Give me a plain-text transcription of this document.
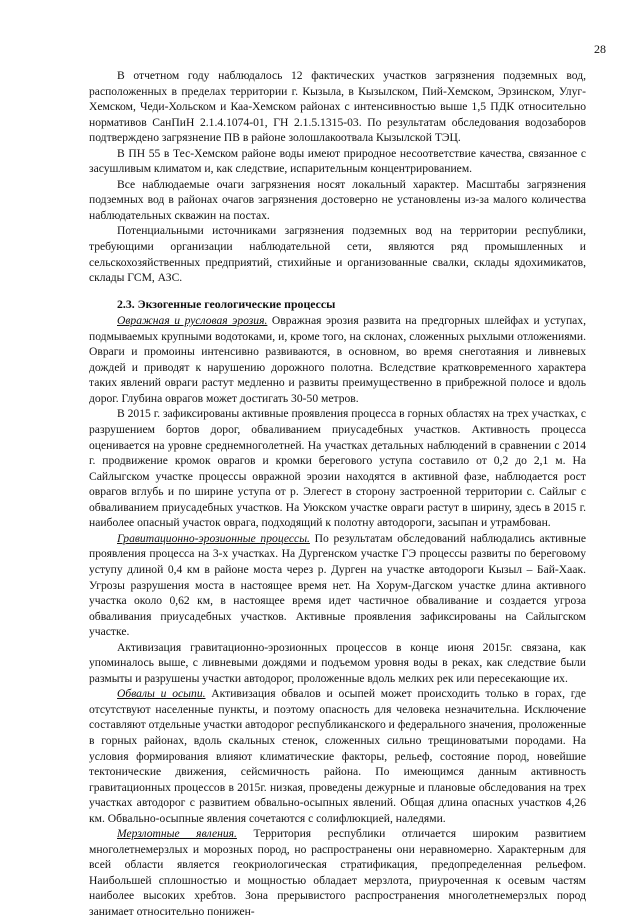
28

В отчетном году наблюдалось 12 фактических участков загрязнения подземных вод, расположенных в пределах территории г. Кызыла, в Кызылском, Пий-Хемском, Эрзинском, Улуг-Хемском, Чеди-Хольском и Каа-Хемском районах с интенсивностью выше 1,5 ПДК относительно нормативов СанПиН 2.1.4.1074-01, ГН 2.1.5.1315-03. По результатам обследования водозаборов подтверждено загрязнение ПВ в районе золошлакоотвала Кызылской ТЭЦ.

В ПН 55 в Тес-Хемском районе воды имеют природное несоответствие качества, связанное с засушливым климатом и, как следствие, испарительным концентрированием.

Все наблюдаемые очаги загрязнения носят локальный характер. Масштабы загрязнения подземных вод в районах очагов загрязнения достоверно не установлены из-за малого количества наблюдательных скважин на постах.

Потенциальными источниками загрязнения подземных вод на территории республики, требующими организации наблюдательной сети, являются ряд промышленных и сельскохозяйственных предприятий, стихийные и организованные свалки, склады ядохимикатов, склады ГСМ, АЗС.

2.3. Экзогенные геологические процессы

Овражная и русловая эрозия. Овражная эрозия развита на предгорных шлейфах и уступах, подмываемых крупными водотоками, и, кроме того, на склонах, сложенных рыхлыми отложениями. Овраги и промоины интенсивно развиваются, в основном, во время снеготаяния и ливневых дождей и приводят к нарушению дорожного полотна. Вследствие кратковременного характера таких явлений овраги растут медленно и развиты преимущественно в прибрежной полосе и вдоль дорог. Глубина оврагов может достигать 30-50 метров.

В 2015 г. зафиксированы активные проявления процесса в горных областях на трех участках, с разрушением бортов дорог, обваливанием приусадебных участков. Активность процесса оценивается на уровне среднемноголетней. На участках детальных наблюдений в сравнении с 2014 г. продвижение кромок оврагов и кромки берегового уступа составило от 0,2 до 2,1 м. На Сайлыгском участке процессы овражной эрозии находятся в активной фазе, наблюдается рост оврагов вглубь и по ширине уступа от р. Элегест в сторону застроенной территории с. Сайлыг с обваливанием приусадебных участков. На Уюкском участке овраги растут в ширину, здесь в 2015 г. наиболее опасный участок оврага, подходящий к полотну автодороги, засыпан и утрамбован.

Гравитационно-эрозионные процессы. По результатам обследований наблюдались активные проявления процесса на 3-х участках. На Дургенском участке ГЭ процессы развиты по береговому уступу длиной 0,4 км в районе моста через р. Дурген на участке автодороги Кызыл – Бай-Хаак. Угрозы разрушения моста в настоящее время нет. На Хорум-Дагском участке длина активного участка около 0,62 км, в настоящее время идет частичное обваливание и создается угроза обваливания приусадебных участков. Активные проявления зафиксированы на Сайлыгском участке.

Активизация гравитационно-эрозионных процессов в конце июня 2015г. связана, как упоминалось выше, с ливневыми дождями и подъемом уровня воды в реках, как следствие были размыты и разрушены участки автодорог, проложенные вдоль мелких рек или пересекающие их.

Обвалы и осыпи. Активизация обвалов и осыпей может происходить только в горах, где отсутствуют населенные пункты, и поэтому опасность для человека незначительна. Исключение составляют отдельные участки автодорог республиканского и федерального значения, проложенные в горных районах, вдоль скальных стенок, сложенных сильно трещиноватыми породами. На условия формирования влияют климатические факторы, рельеф, состояние пород, новейшие тектонические движения, сейсмичность района. По имеющимся данным активность гравитационных процессов в 2015г. низкая, проведены дежурные и плановые обследования на трех участках автодорог с развитием обвально-осыпных явлений. Общая длина опасных участков 4,26 км. Обвально-осыпные явления сочетаются с солифлюкцией, наледями.

Мерзлотные явления. Территория республики отличается широким развитием многолетнемерзлых и морозных пород, но распространены они неравномерно. Характерным для всей области является геокриологическая стратификация, предопределенная рельефом. Наибольшей сплошностью и мощностью обладает мерзлота, приуроченная к осевым частям наиболее высоких хребтов. Зона прерывистого распространения многолетнемерзлых пород занимает относительно понижен-
